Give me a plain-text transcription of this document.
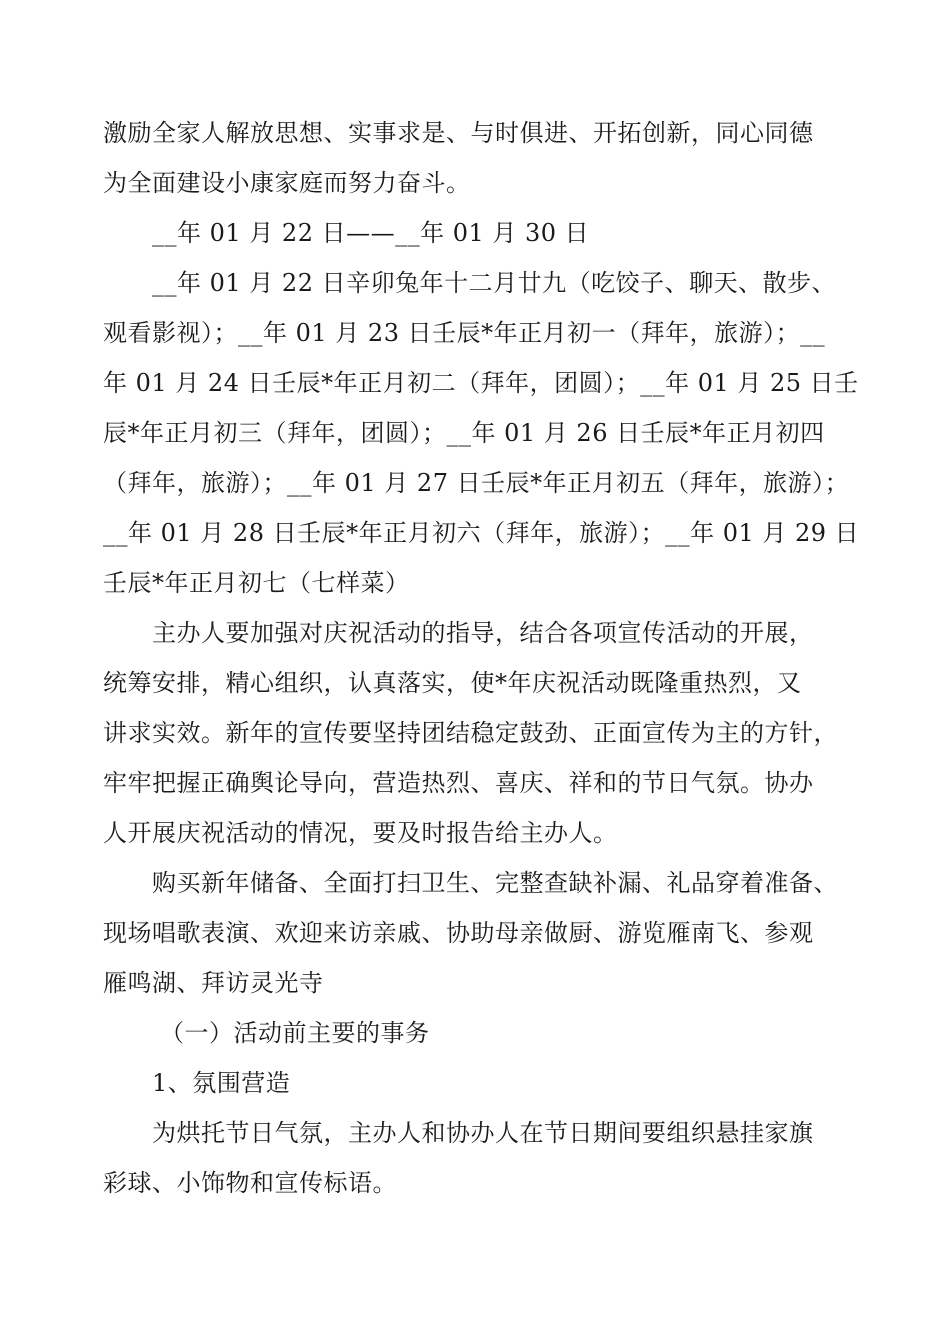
激励全家人解放思想、实事求是、与时俱进、开拓创新，同心同德
为全面建设小康家庭而努力奋斗。
__年 01 月 22 日——__年 01 月 30 日
__年 01 月 22 日辛卯兔年十二月廿九（吃饺子、聊天、散步、
观看影视）；__年 01 月 23 日壬辰*年正月初一（拜年，旅游）；__
年 01 月 24 日壬辰*年正月初二（拜年，团圆）；__年 01 月 25 日壬
辰*年正月初三（拜年，团圆）；__年 01 月 26 日壬辰*年正月初四
（拜年，旅游）；__年 01 月 27 日壬辰*年正月初五（拜年，旅游）；
__年 01 月 28 日壬辰*年正月初六（拜年，旅游）；__年 01 月 29 日
壬辰*年正月初七（七样菜）
主办人要加强对庆祝活动的指导，结合各项宣传活动的开展，
统筹安排，精心组织，认真落实，使*年庆祝活动既隆重热烈，又
讲求实效。新年的宣传要坚持团结稳定鼓劲、正面宣传为主的方针，
牢牢把握正确舆论导向，营造热烈、喜庆、祥和的节日气氛。协办
人开展庆祝活动的情况，要及时报告给主办人。
购买新年储备、全面打扫卫生、完整查缺补漏、礼品穿着准备、
现场唱歌表演、欢迎来访亲戚、协助母亲做厨、游览雁南飞、参观
雁鸣湖、拜访灵光寺
（一）活动前主要的事务
1、氛围营造
为烘托节日气氛，主办人和协办人在节日期间要组织悬挂家旗
彩球、小饰物和宣传标语。
